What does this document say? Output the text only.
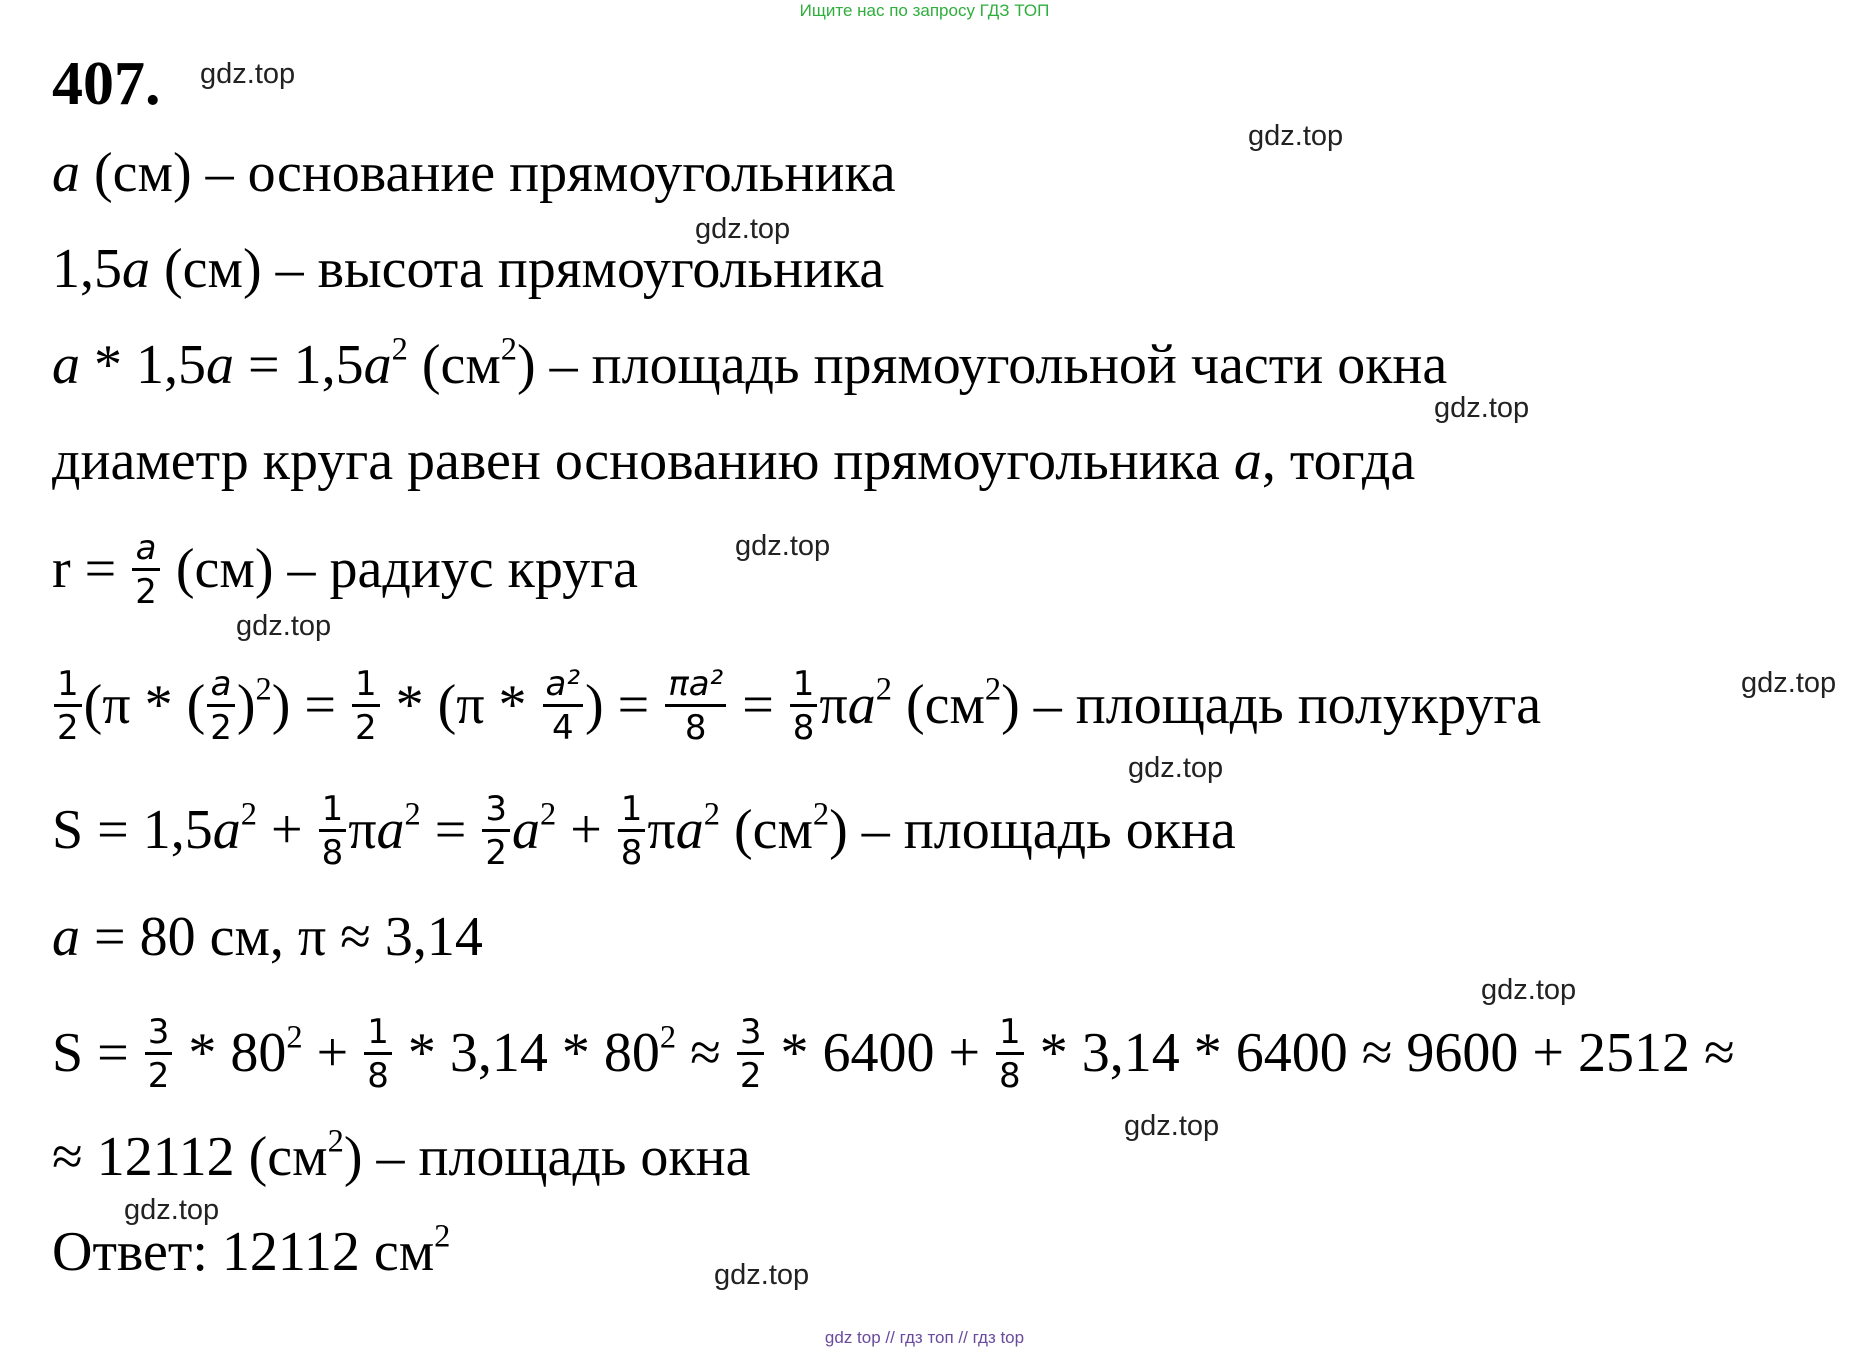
Ищите нас по запросу ГДЗ ТОП
407.
a (см) – основание прямоугольника
1,5a (см) – высота прямоугольника
$a * 1,5a = 1,5a^2$ $(см^2)$ – площадь прямоугольной части окна
диаметр круга равен основанию прямоугольника a, тогда
$r = \frac{a}{2} (см)$ – радиус круга
$\frac{1}{2} (\pi$ * ( $\frac{a}{2} )^2) = \frac{1}{2} * (\pi * \frac{\text{a²}}{4}$ ) = $\frac{\text{πa²}}{8} = \frac{1}{8} \pi a^2$ $(см^2)$ – площадь полукруга
$S = 1,5a^2 + \frac{1}{8} \pi a^2 = \frac{3}{2} a^2 + \frac{1}{8} \pi a^2$ $(см^2)$ – площадь окна
a = 80 см, π ≈ 3,14
$S = \frac{3}{2} * 80^2 + \frac{1}{8} * 3,14 * 80^2 \approx \frac{3}{2} * 6400 + \frac{1}{8} * 3,14 * 6400 \approx 9600 + 2512$ ≈
≈ 12112 $(см^2)$ – площадь окна
Ответ: 12112 $см^2$
gdz.top
gdz.top
gdz.top
gdz.top
gdz.top
gdz.top
gdz.top
gdz.top
gdz.top
gdz.top
gdz.top
gdz.top
gdz top // гдз топ // гдз top
